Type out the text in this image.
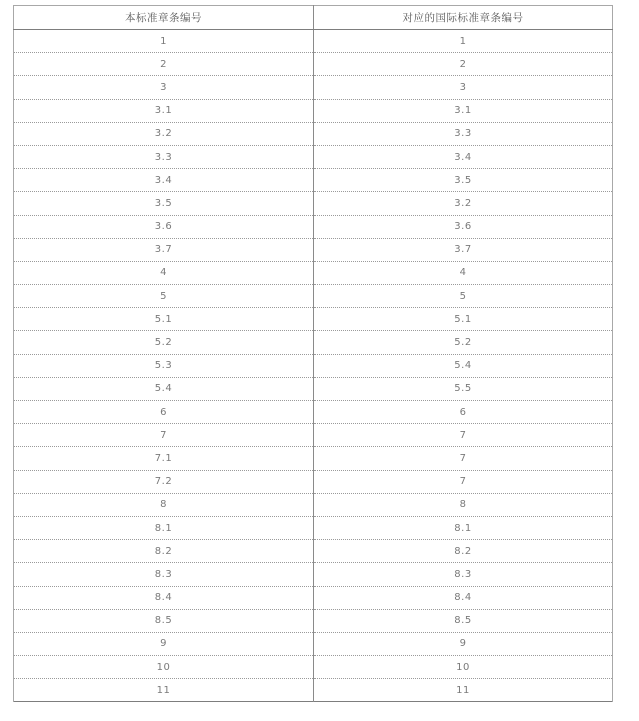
本标准章条编号	对应的国际标准章条编号
1	1
2	2
3	3
3.1	3.1
3.2	3.3
3.3	3.4
3.4	3.5
3.5	3.2
3.6	3.6
3.7	3.7
4	4
5	5
5.1	5.1
5.2	5.2
5.3	5.4
5.4	5.5
6	6
7	7
7.1	7
7.2	7
8	8
8.1	8.1
8.2	8.2
8.3	8.3
8.4	8.4
8.5	8.5
9	9
10	10
11	11
